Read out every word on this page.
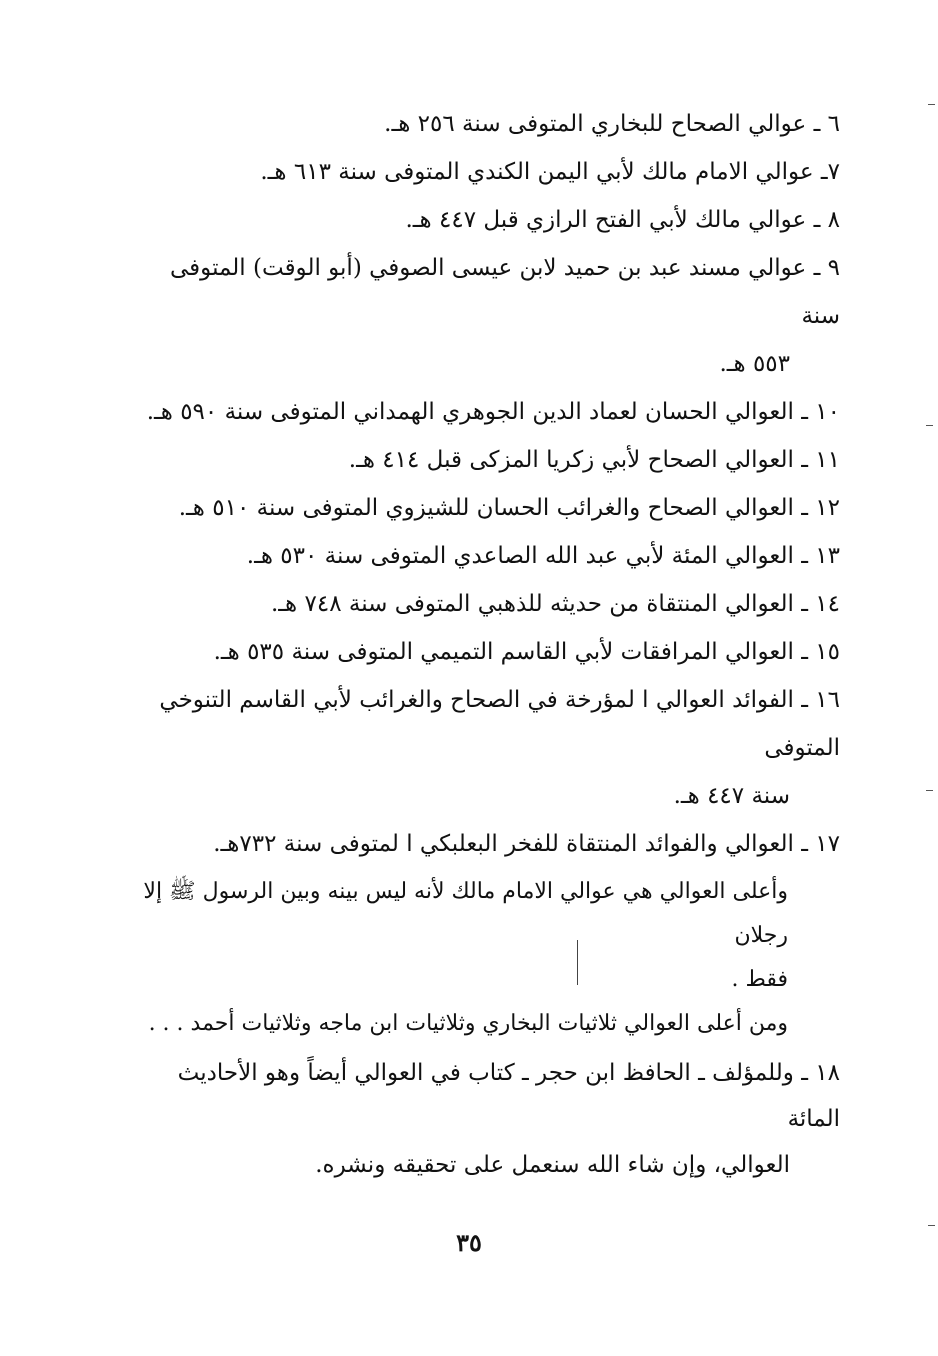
٦ ـ عوالي الصحاح للبخاري المتوفى سنة ٢٥٦ هـ.
٧ـ عوالي الامام مالك لأبي اليمن الكندي المتوفى سنة ٦١٣ هـ.
٨ ـ عوالي مالك لأبي الفتح الرازي قبل ٤٤٧ هـ.
٩ ـ عوالي مسند عبد بن حميد لابن عيسى الصوفي (أبو الوقت) المتوفى سنة
٥٥٣ هـ.
١٠ ـ العوالي الحسان لعماد الدين الجوهري الهمداني المتوفى سنة ٥٩٠ هـ.
١١ ـ العوالي الصحاح لأبي زكريا المزكى قبل ٤١٤ هـ.
١٢ ـ العوالي الصحاح والغرائب الحسان للشيزوي المتوفى سنة ٥١٠ هـ.
١٣ ـ العوالي المئة لأبي عبد الله الصاعدي المتوفى سنة ٥٣٠ هـ.
١٤ ـ العوالي المنتقاة من حديثه للذهبي المتوفى سنة ٧٤٨ هـ.
١٥ ـ العوالي المرافقات لأبي القاسم التميمي المتوفى سنة ٥٣٥ هـ.
١٦ ـ الفوائد العوالي ا لمؤرخة في الصحاح والغرائب لأبي القاسم التنوخي المتوفى
سنة ٤٤٧ هـ.
١٧ ـ العوالي والفوائد المنتقاة للفخر البعلبكي ا لمتوفى سنة ٧٣٢هـ.
وأعلى العوالي هي عوالي الامام مالك لأنه ليس بينه وبين الرسول ﷺ إلا رجلان
فقط .
ومن أعلى العوالي ثلاثيات البخاري وثلاثيات ابن ماجه وثلاثيات أحمد . . .
١٨ ـ وللمؤلف ـ الحافظ ابن حجر ـ كتاب في العوالي أيضاً وهو الأحاديث المائة
العوالي، وإن شاء الله سنعمل على تحقيقه ونشره.
٣٥
